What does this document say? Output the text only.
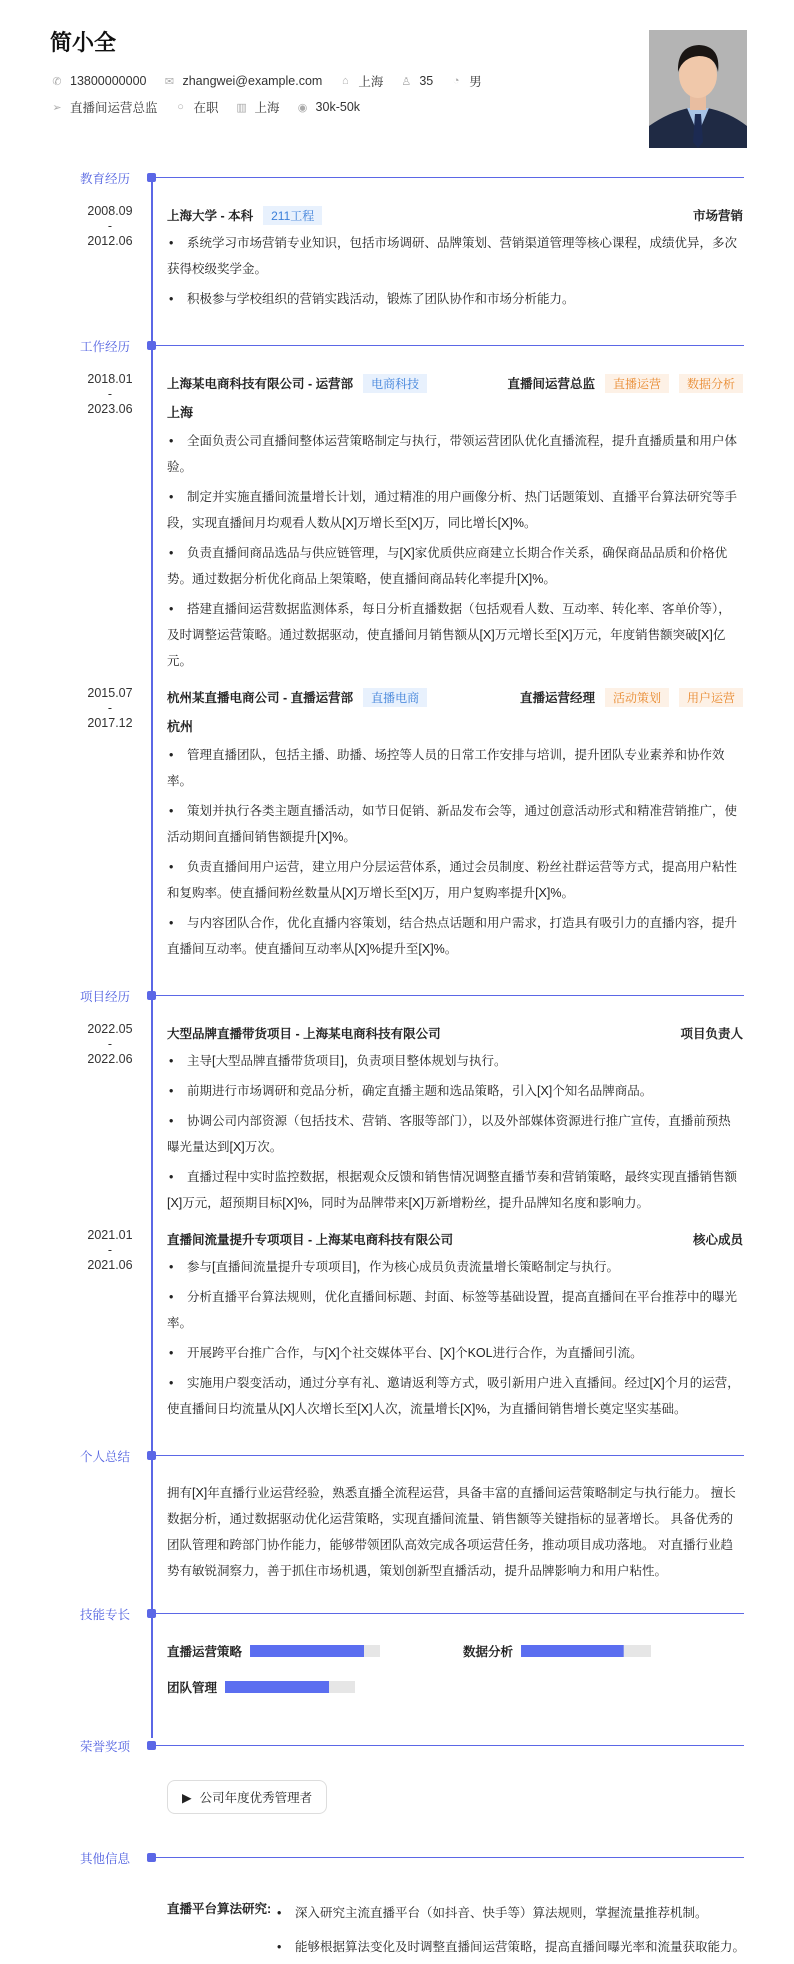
简小全
✆ 13800000000 ✉ zhangwei@example.com	⌂ 上海 ♙ 35	◔ 男
➢ 直播间运营总监	○ 在职 ▥ 上海 ◉ 30k-50k
教育经历
2008.09
-
2012.06
上海大学 - 本科	211工程	市场营销
• 系统学习市场营销专业知识，包括市场调研、品牌策划、营销渠道管理等核心课程，成绩优异，多次获得校级奖学金。
• 积极参与学校组织的营销实践活动，锻炼了团队协作和市场分析能力。
工作经历
2018.01
-
2023.06
上海某电商科技有限公司 - 运营部	电商科技	直播间运营总监	直播运营	数据分析
上海
• 全面负责公司直播间整体运营策略制定与执行，带领运营团队优化直播流程，提升直播质量和用户体验。
• 制定并实施直播间流量增长计划，通过精准的用户画像分析、热门话题策划、直播平台算法研究等手段，实现直播间月均观看人数从[X]万增长至[X]万，同比增长[X]%。
• 负责直播间商品选品与供应链管理，与[X]家优质供应商建立长期合作关系，确保商品品质和价格优势。通过数据分析优化商品上架策略，使直播间商品转化率提升[X]%。
• 搭建直播间运营数据监测体系，每日分析直播数据（包括观看人数、互动率、转化率、客单价等），及时调整运营策略。通过数据驱动，使直播间月销售额从[X]万元增长至[X]万元，年度销售额突破[X]亿元。
2015.07
-
2017.12
杭州某直播电商公司 - 直播运营部	直播电商	直播运营经理	活动策划	用户运营
杭州
• 管理直播团队，包括主播、助播、场控等人员的日常工作安排与培训，提升团队专业素养和协作效率。
• 策划并执行各类主题直播活动，如节日促销、新品发布会等，通过创意活动形式和精准营销推广，使活动期间直播间销售额提升[X]%。
• 负责直播间用户运营，建立用户分层运营体系，通过会员制度、粉丝社群运营等方式，提高用户粘性和复购率。使直播间粉丝数量从[X]万增长至[X]万，用户复购率提升[X]%。
• 与内容团队合作，优化直播内容策划，结合热点话题和用户需求，打造具有吸引力的直播内容，提升直播间互动率。使直播间互动率从[X]%提升至[X]%。
项目经历
2022.05
-
2022.06
大型品牌直播带货项目 - 上海某电商科技有限公司	项目负责人
• 主导[大型品牌直播带货项目]，负责项目整体规划与执行。
• 前期进行市场调研和竞品分析，确定直播主题和选品策略，引入[X]个知名品牌商品。
• 协调公司内部资源（包括技术、营销、客服等部门），以及外部媒体资源进行推广宣传，直播前预热曝光量达到[X]万次。
• 直播过程中实时监控数据，根据观众反馈和销售情况调整直播节奏和营销策略，最终实现直播销售额[X]万元，超预期目标[X]%，同时为品牌带来[X]万新增粉丝，提升品牌知名度和影响力。
2021.01
-
2021.06
直播间流量提升专项项目 - 上海某电商科技有限公司	核心成员
• 参与[直播间流量提升专项项目]，作为核心成员负责流量增长策略制定与执行。
• 分析直播平台算法规则，优化直播间标题、封面、标签等基础设置，提高直播间在平台推荐中的曝光率。
• 开展跨平台推广合作，与[X]个社交媒体平台、[X]个KOL进行合作，为直播间引流。
• 实施用户裂变活动，通过分享有礼、邀请返利等方式，吸引新用户进入直播间。经过[X]个月的运营，使直播间日均流量从[X]人次增长至[X]人次，流量增长[X]%，为直播间销售增长奠定坚实基础。
个人总结
拥有[X]年直播行业运营经验，熟悉直播全流程运营，具备丰富的直播间运营策略制定与执行能力。 擅长数据分析，通过数据驱动优化运营策略，实现直播间流量、销售额等关键指标的显著增长。 具备优秀的团队管理和跨部门协作能力，能够带领团队高效完成各项运营任务，推动项目成功落地。 对直播行业趋势有敏锐洞察力，善于抓住市场机遇，策划创新型直播活动，提升品牌影响力和用户粘性。
技能专长
直播运营策略	数据分析
团队管理
荣誉奖项
▶ 公司年度优秀管理者
其他信息
直播平台算法研究:	• 深入研究主流直播平台（如抖音、快手等）算法规则，掌握流量推荐机制。
• 能够根据算法变化及时调整直播间运营策略，提高直播间曝光率和流量获取能力。
